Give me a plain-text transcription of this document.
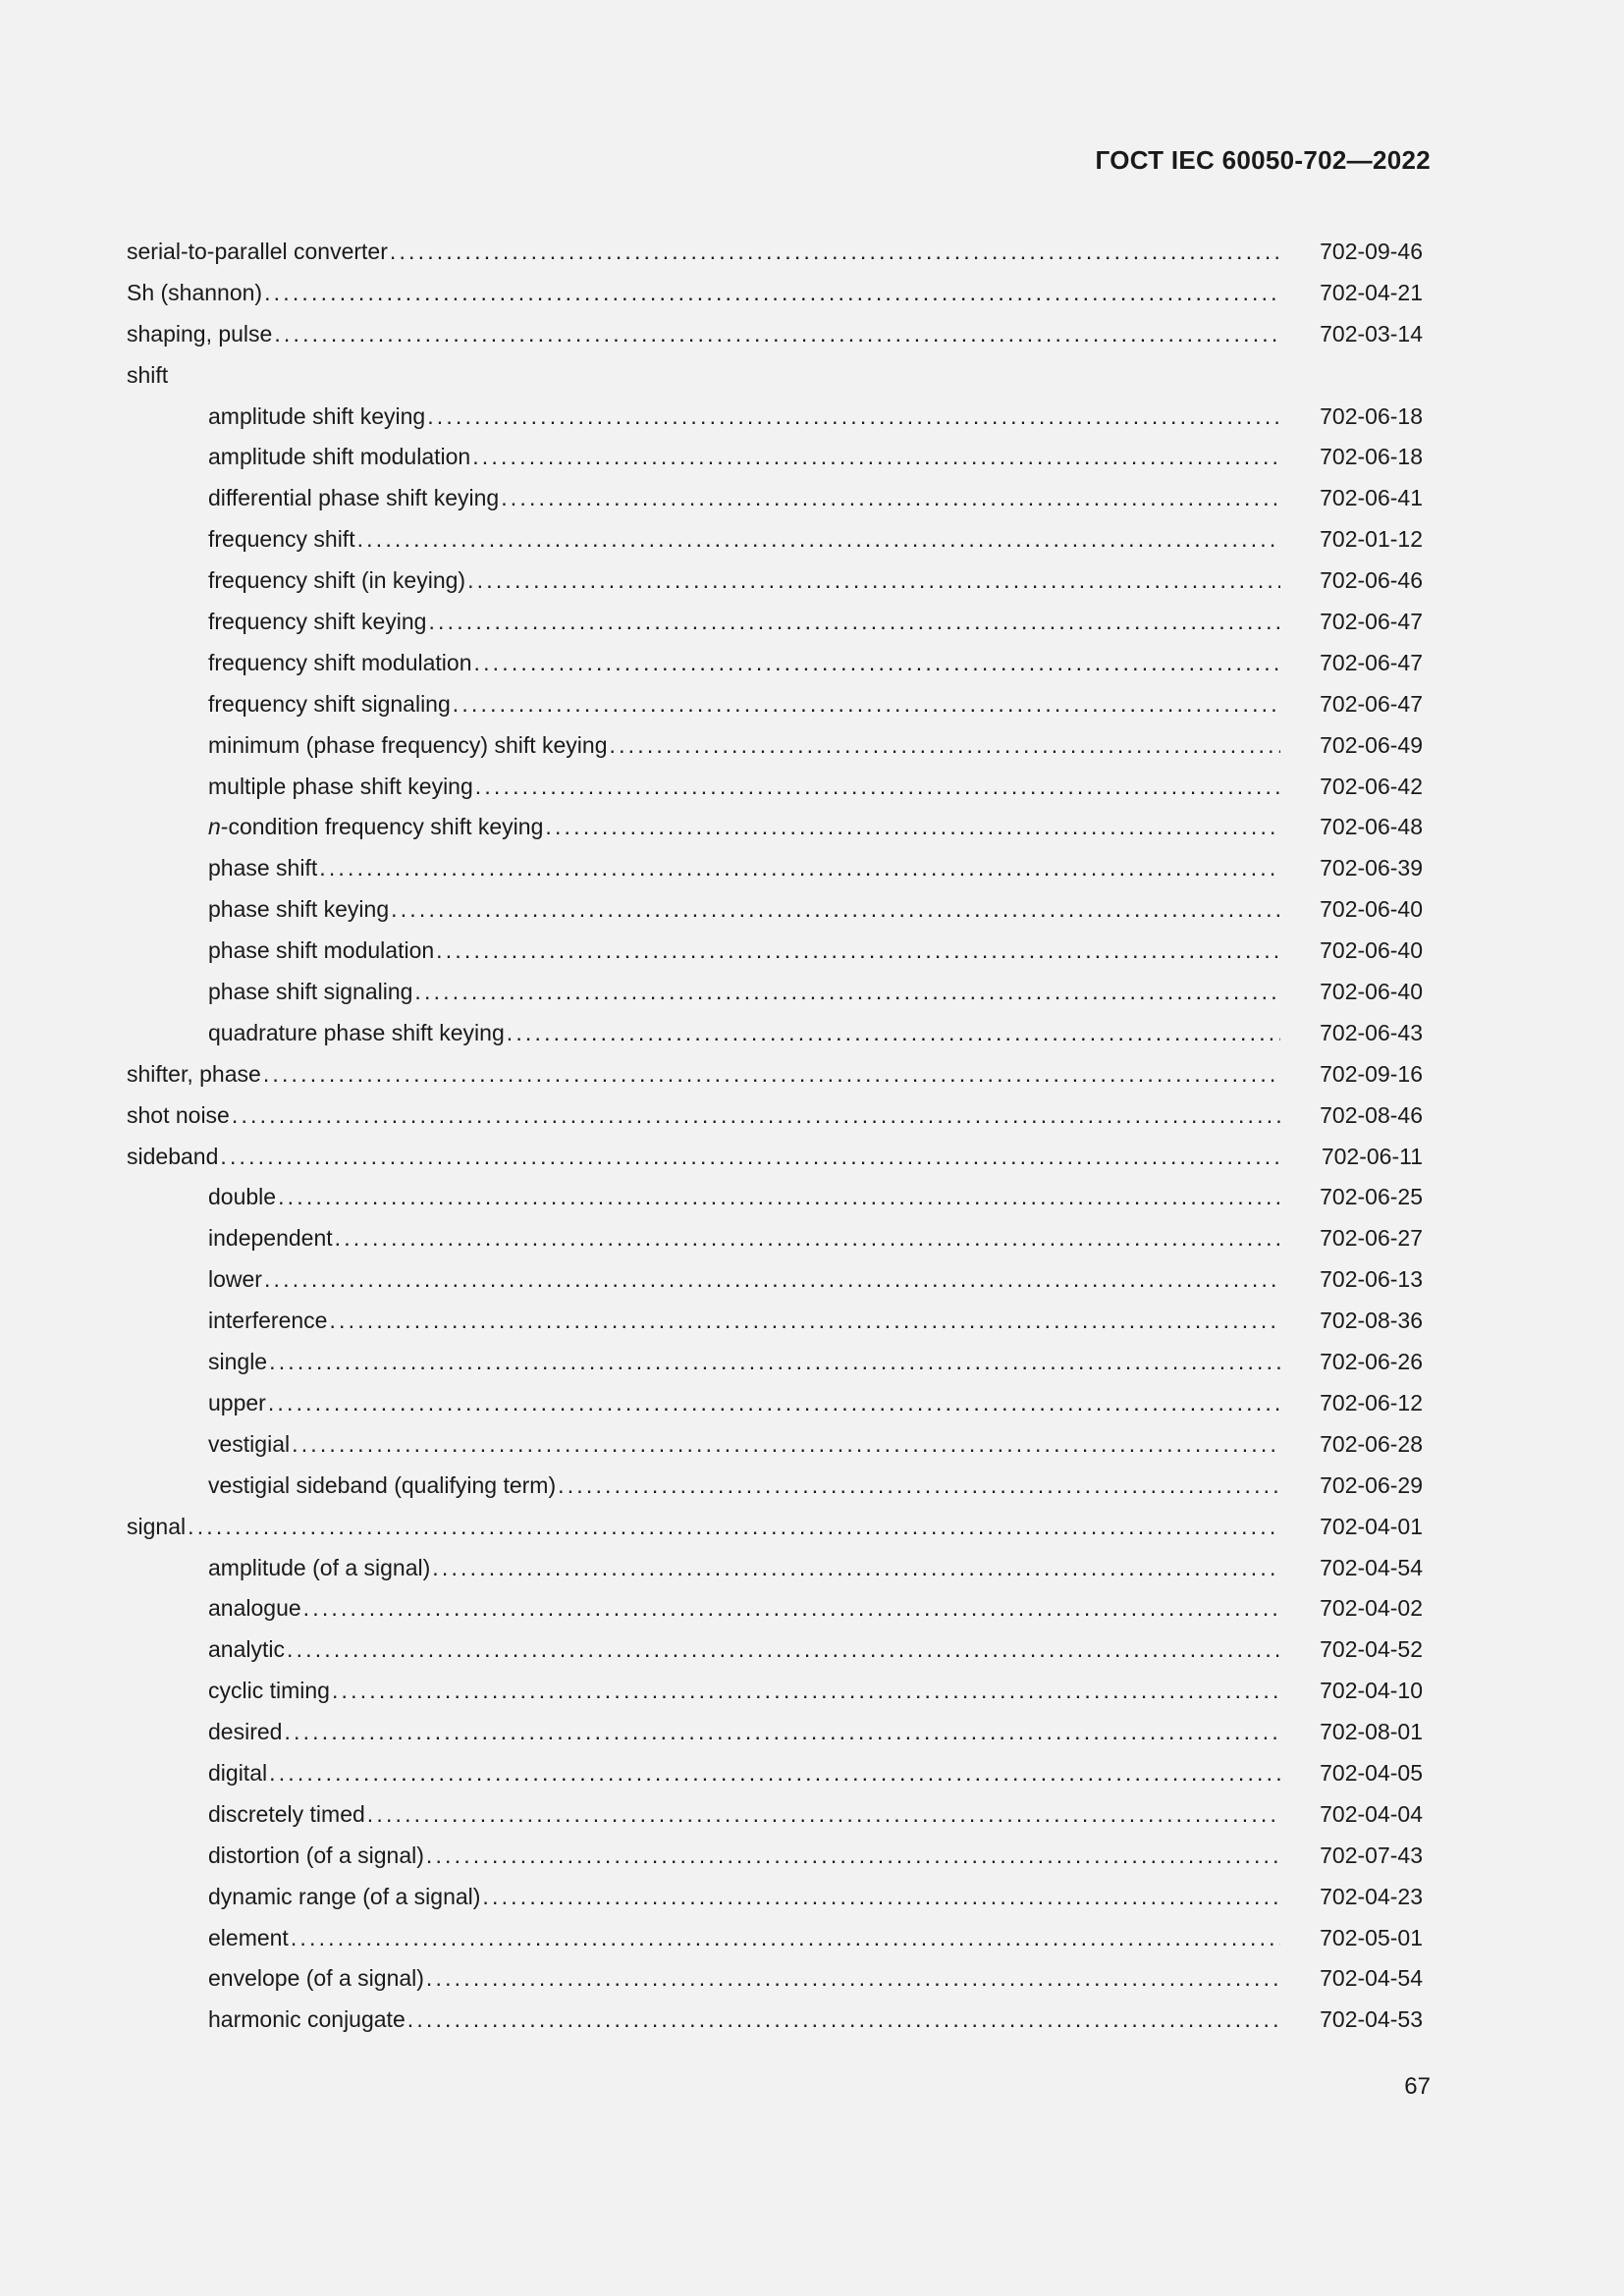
ГОСТ IEC 60050-702—2022
serial-to-parallel converter . . .	702-09-46
Sh (shannon) . . .	702-04-21
shaping, pulse . . .	702-03-14
shift
amplitude shift keying . . .	702-06-18
amplitude shift modulation . . .	702-06-18
differential phase shift keying . . .	702-06-41
frequency shift . . .	702-01-12
frequency shift (in keying) . . .	702-06-46
frequency shift keying . . .	702-06-47
frequency shift modulation . . .	702-06-47
frequency shift signaling . . .	702-06-47
minimum (phase frequency) shift keying . . .	702-06-49
multiple phase shift keying . . .	702-06-42
n-condition frequency shift keying . . .	702-06-48
phase shift . . .	702-06-39
phase shift keying . . .	702-06-40
phase shift modulation . . .	702-06-40
phase shift signaling . . .	702-06-40
quadrature phase shift keying . . .	702-06-43
shifter, phase . . .	702-09-16
shot noise . . .	702-08-46
sideband . . .	702-06-11
double . . .	702-06-25
independent . . .	702-06-27
lower . . .	702-06-13
interference . . .	702-08-36
single . . .	702-06-26
upper . . .	702-06-12
vestigial . . .	702-06-28
vestigial sideband (qualifying term) . . .	702-06-29
signal . . .	702-04-01
amplitude (of a signal) . . .	702-04-54
analogue . . .	702-04-02
analytic . . .	702-04-52
cyclic timing . . .	702-04-10
desired . . .	702-08-01
digital . . .	702-04-05
discretely timed . . .	702-04-04
distortion (of a signal) . . .	702-07-43
dynamic range (of a signal) . . .	702-04-23
element . . .	702-05-01
envelope (of a signal) . . .	702-04-54
harmonic conjugate . . .	702-04-53
67
